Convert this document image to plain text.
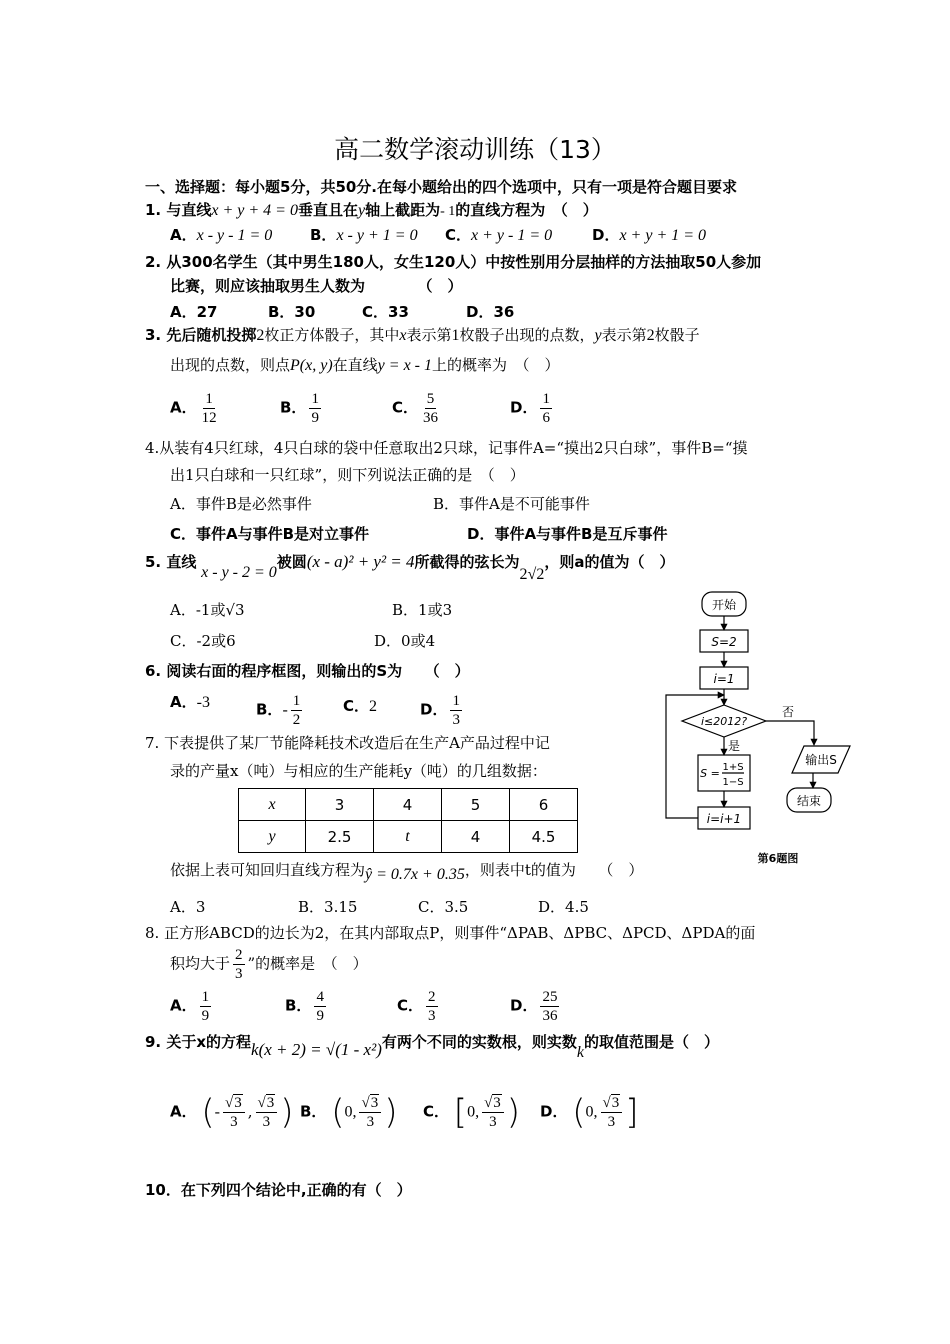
高二数学滚动训练（13）
一、选择题：每小题5分，共50分.在每小题给出的四个选项中，只有一项是符合题目要求
1. 与直线x + y + 4 = 0垂直且在y轴上截距为- 1的直线方程为　（　）
A．x - y - 1 = 0	B．x - y + 1 = 0 C．x + y - 1 = 0	D．x + y + 1 = 0
2. 从300名学生（其中男生180人，女生120人）中按性别用分层抽样的方法抽取50人参加
比赛，则应该抽取男生人数为　　　　（　）
A．27	B．30	C．33	D．36
3. 先后随机投掷2枚正方体骰子，其中x表示第1枚骰子出现的点数，y表示第2枚骰子
出现的点数，则点P(x, y)在直线y = x - 1上的概率为　（　）
A． $\frac{1}{12}$	B． $\frac{1}{9}$	C． $\frac{5}{36}$	D． $\frac{1}{6}$
4.从装有4只红球，4只白球的袋中任意取出2只球，记事件A=“摸出2只白球”，事件B=“摸
出1只白球和一只红球”，则下列说法正确的是　（　）
A．事件B是必然事件	B．事件A是不可能事件
C．事件A与事件B是对立事件	D．事件A与事件B是互斥事件
5. 直线 x - y - 2 = 0被圆(x - a)² + y² = 4所截得的弦长为2√2，则a的值为（　）
A．-1或√3	B．1或3
C．-2或6	D．0或4
6. 阅读右面的程序框图，则输出的S为　　（　）
A．-3	B．- $\frac{1}{2}$	C．2	D． $\frac{1}{3}$
7. 下表提供了某厂节能降耗技术改造后在生产A产品过程中记
录的产量x（吨）与相应的生产能耗y（吨）的几组数据：
x	3	4	5	6
y	2.5	t	4	4.5
依据上表可知回归直线方程为ŷ = 0.7x + 0.35，则表中t的值为　　（　）
A．3	B．3.15	C．3.5	D．4.5
8. 正方形ABCD的边长为2，在其内部取点P，则事件“ΔPAB、ΔPBC、ΔPCD、ΔPDA的面
积均大于 $\frac{2}{3}$ ”的概率是　（　）
A． $\frac{1}{9}$	B． $\frac{4}{9}$	C． $\frac{2}{3}$	D． $\frac{25}{36}$
9. 关于x的方程k(x + 2) = √(1 - x²)有两个不同的实数根，则实数k的取值范围是（　）
A． (- $\frac{√3}{3}$ , $\frac{√3}{3}$ ) B． (0, $\frac{√3}{3}$ ) C． [0, $\frac{√3}{3}$ ) D． (0, $\frac{√3}{3}$ ]
10．在下列四个结论中,正确的有（　）
开始
S=2
i=1
i≤2012?
否
是
S = 1+S
1−S
i=i+1
输出S
结束
第6题图
